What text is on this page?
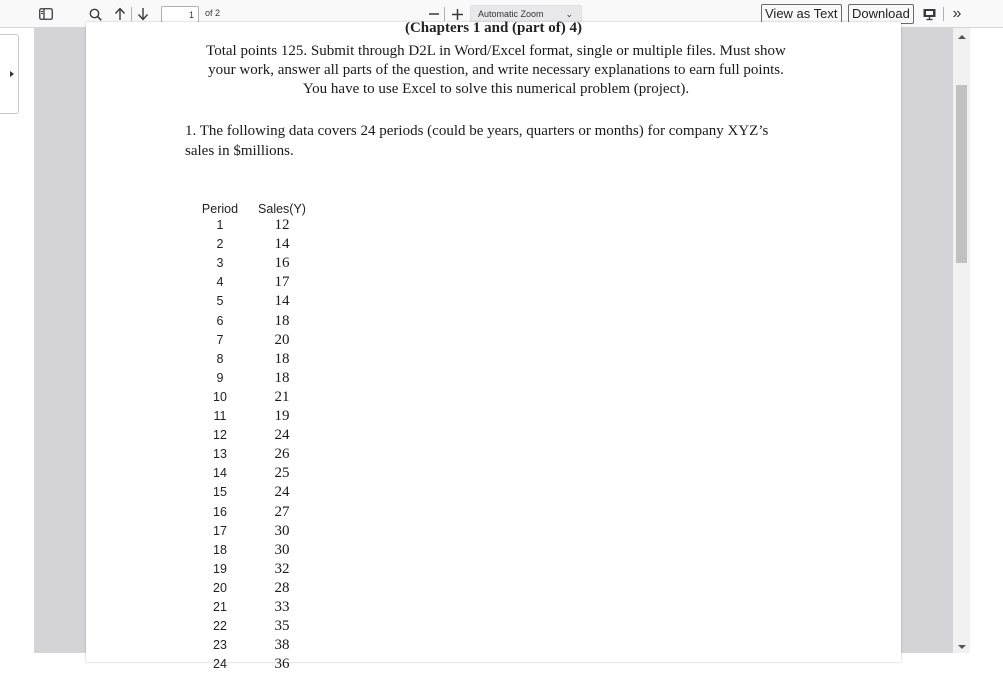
1
of 2	Automatic Zoom ⌄	View as Text	Download	»
(Chapters 1 and (part of) 4)
Total points 125. Submit through D2L in Word/Excel format, single or multiple files. Must show
your work, answer all parts of the question, and write necessary explanations to earn full points.
You have to use Excel to solve this numerical problem (project).
1. The following data covers 24 periods (could be years, quarters or months) for company XYZ’s
sales in $millions.
Period	Sales(Y)
1	12
2	14
3	16
4	17
5	14
6	18
7	20
8	18
9	18
10	21
11	19
12	24
13	26
14	25
15	24
16	27
17	30
18	30
19	32
20	28
21	33
22	35
23	38
24	36
